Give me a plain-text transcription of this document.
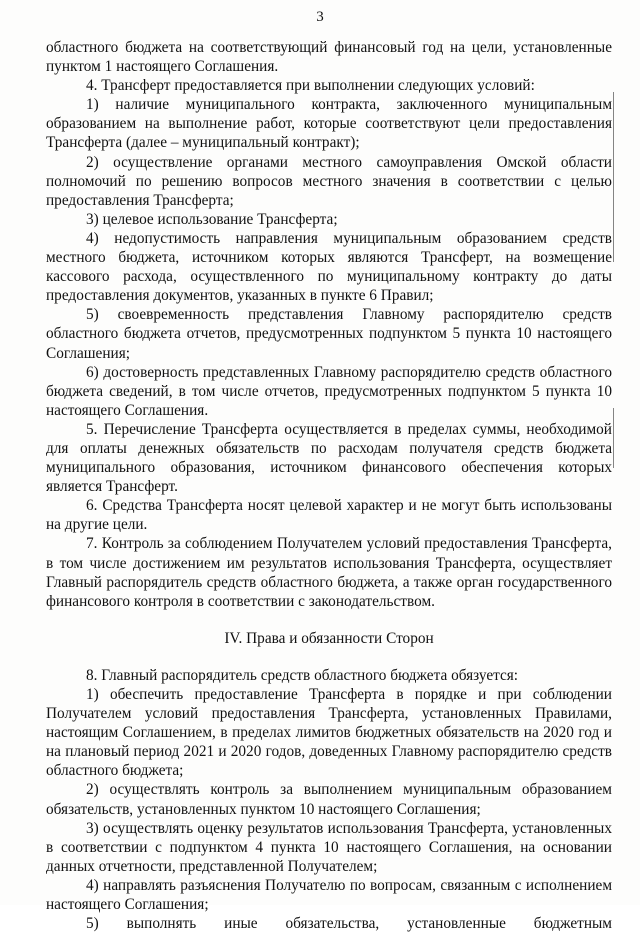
3

областного бюджета на соответствующий финансовый год на цели, установленные пунктом 1 настоящего Соглашения.

4. Трансферт предоставляется при выполнении следующих условий:

1) наличие муниципального контракта, заключенного муниципальным образованием на выполнение работ, которые соответствуют цели предоставления Трансферта (далее – муниципальный контракт);

2) осуществление органами местного самоуправления Омской области полномочий по решению вопросов местного значения в соответствии с целью предоставления Трансферта;

3) целевое использование Трансферта;

4) недопустимость направления муниципальным образованием средств местного бюджета, источником которых являются Трансферт, на возмещение кассового расхода, осуществленного по муниципальному контракту до даты предоставления документов, указанных в пункте 6 Правил;

5) своевременность представления Главному распорядителю средств областного бюджета отчетов, предусмотренных подпунктом 5 пункта 10 настоящего Соглашения;

6) достоверность представленных Главному распорядителю средств областного бюджета сведений, в том числе отчетов, предусмотренных подпунктом 5 пункта 10 настоящего Соглашения.

5. Перечисление Трансферта осуществляется в пределах суммы, необходимой для оплаты денежных обязательств по расходам получателя средств бюджета муниципального образования, источником финансового обеспечения которых является Трансферт.

6. Средства Трансферта носят целевой характер и не могут быть использованы на другие цели.

7. Контроль за соблюдением Получателем условий предоставления Трансферта, в том числе достижением им результатов использования Трансферта, осуществляет Главный распорядитель средств областного бюджета, а также орган государственного финансового контроля в соответствии с законодательством.

IV. Права и обязанности Сторон

8. Главный распорядитель средств областного бюджета обязуется:

1) обеспечить предоставление Трансферта в порядке и при соблюдении Получателем условий предоставления Трансферта, установленных Правилами, настоящим Соглашением, в пределах лимитов бюджетных обязательств на 2020 год и на плановый период 2021 и 2020 годов, доведенных Главному распорядителю средств областного бюджета;

2) осуществлять контроль за выполнением муниципальным образованием обязательств, установленных пунктом 10 настоящего Соглашения;

3) осуществлять оценку результатов использования Трансферта, установленных в соответствии с подпунктом 4 пункта 10 настоящего Соглашения, на основании данных отчетности, представленной Получателем;

4) направлять разъяснения Получателю по вопросам, связанным с исполнением настоящего Соглашения;

5) выполнять иные обязательства, установленные бюджетным
